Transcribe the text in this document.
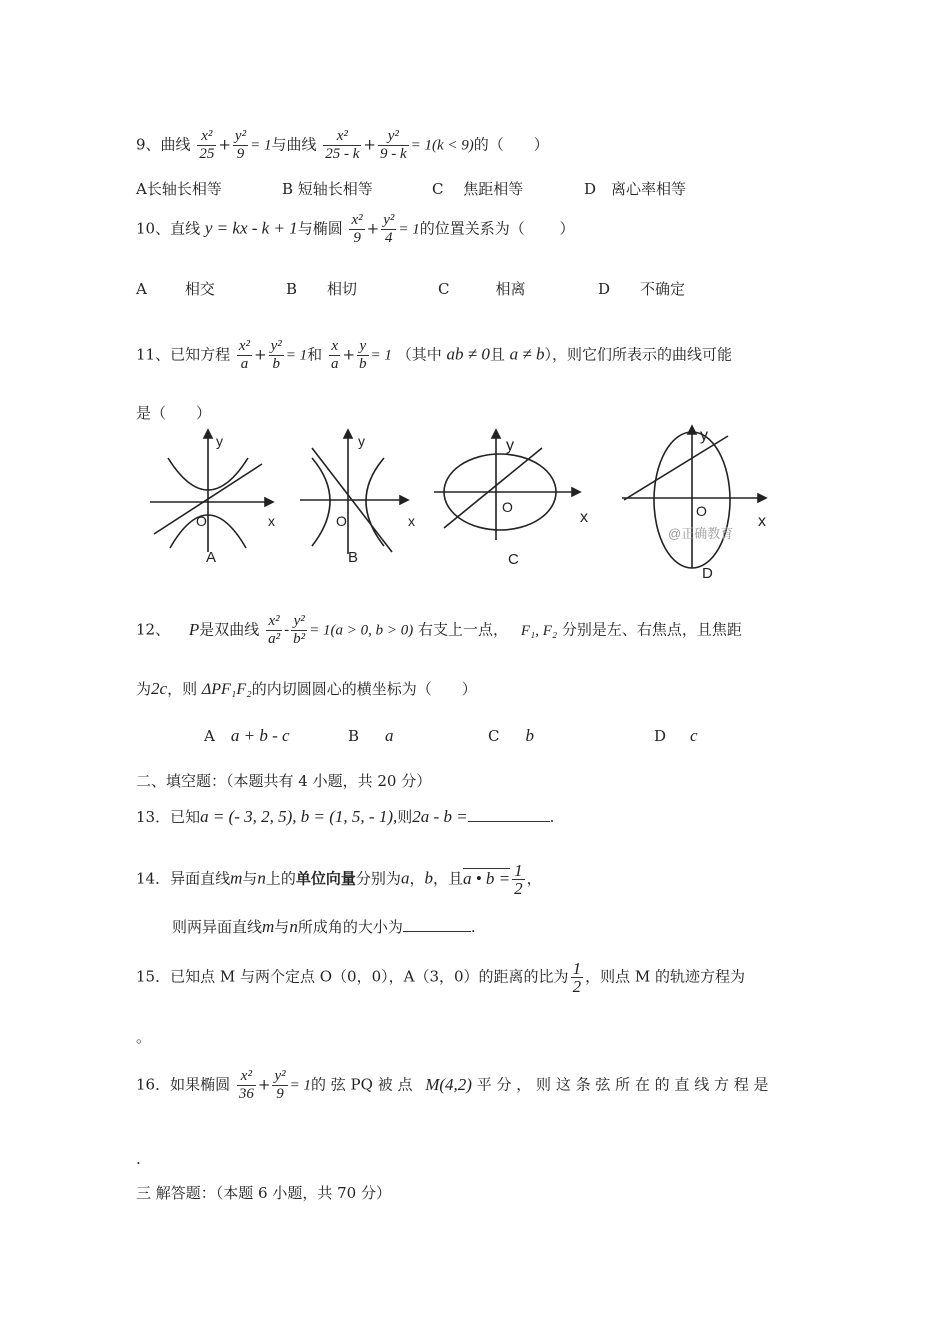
9、曲线 $\frac{\text{x²}}{25} + \frac{\text{y²}}{9} = 1$与曲线 $\frac{\text{x²}}{25 - k} + \frac{\text{y²}}{9 - k} = 1(k < 9)$的（　　）
A长轴长相等	B 短轴长相等	C　 焦距相等	D　离心率相等
10、直线 y = kx - k + 1与椭圆 $\frac{\text{x²}}{9} + \frac{\text{y²}}{4} = 1$的位置关系为（　　 ）
A	相交	B 相切	C	相离	D 不确定
11、已知方程 $\frac{\text{x²}}{a} + \frac{\text{y²}}{b} = 1$和 $\frac{x}{a} + \frac{y}{b} = 1$ （其中 ab ≠ 0且 a ≠ b），则它们所表示的曲线可能
是（　　）
y
x
O
A
y
x
O
B
y
x
O
C
y
x
O
@正确教育
D
12、 P是双曲线 $\frac{\text{x²}}{\text{a²}} - \frac{\text{y²}}{\text{b²}} = 1(a > 0$, b > 0) 右支上一点， F₁, F₂ 分别是左、右焦点，且焦距
为2c，则 ΔPF₁F₂的内切圆圆心的横坐标为（　　）
A a + b - c	B a	C b	D c
二、填空题：（本题共有 4 小题，共 20 分）
13．已知a = (- 3, 2, 5), b = (1, 5, - 1),则2a - b =	.
14．异面直线m与n上的单位向量分别为a，b，且a • $b = \frac{1}{2}$ ，
则两异面直线m与n所成角的大小为	.
15．已知点 M 与两个定点 O（0，0），A（3，0）的距离的比为 $\frac{1}{2}$ ，则点 M 的轨迹方程为
。
16．如果椭圆 $\frac{\text{x²}}{36} + \frac{\text{y²}}{9} = 1$的 弦 PQ 被 点 M(4,2) 平 分 ， 则 这 条 弦 所 在 的 直 线 方 程 是
.
三 解答题：（本题 6 小题，共 70 分）
